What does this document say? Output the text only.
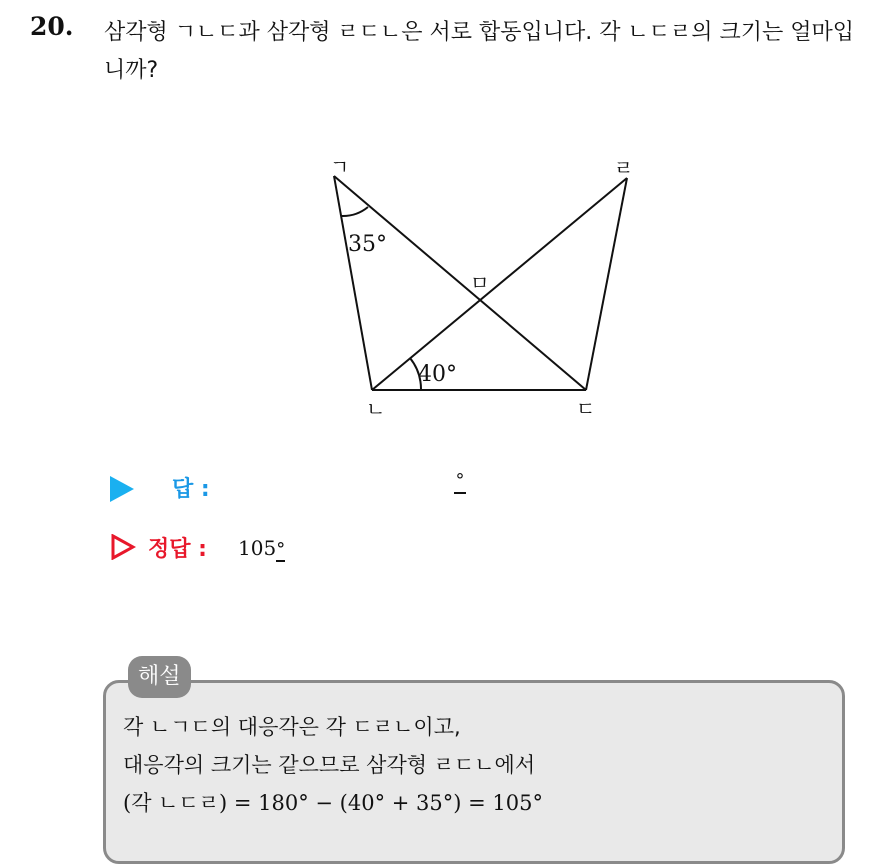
20. 삼각형 ㄱㄴㄷ과 삼각형 ㄹㄷㄴ은 서로 합동입니다. 각 ㄴㄷㄹ의 크기는 얼마입니까?
ㄱ	ㄹ
ㅁ
ㄴ	ㄷ
35°
40°
답 :	°
정답 : 105°
해설
각 ㄴㄱㄷ의 대응각은 각 ㄷㄹㄴ이고,
대응각의 크기는 같으므로 삼각형 ㄹㄷㄴ에서
(각 ㄴㄷㄹ) = 180° − (40° + 35°) = 105°
